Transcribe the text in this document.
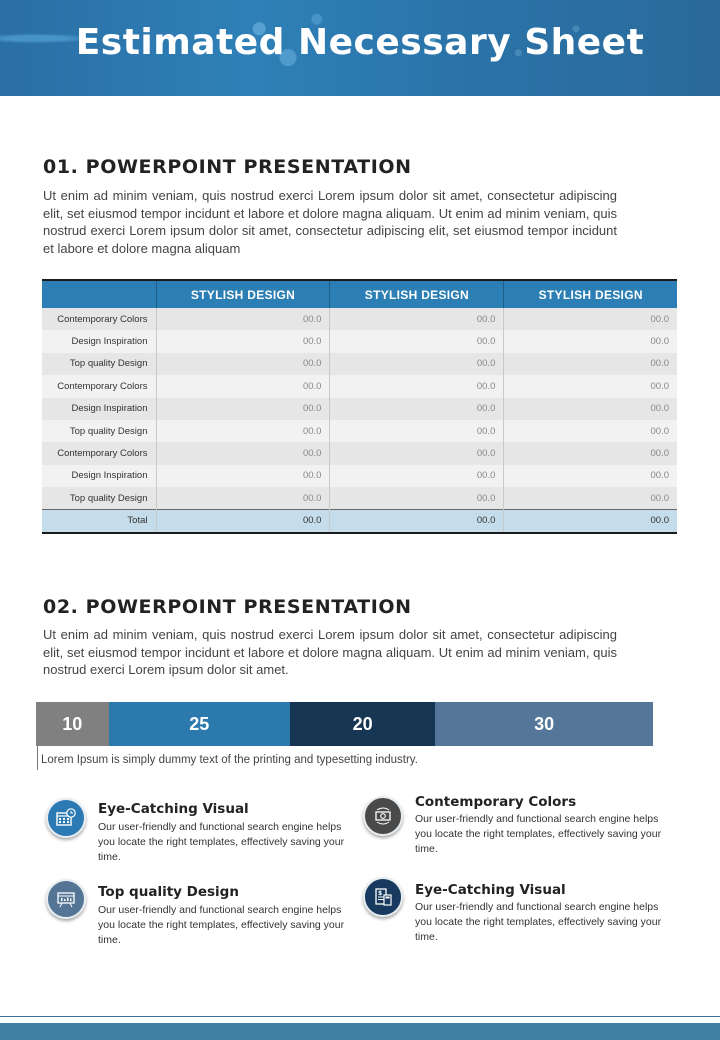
Estimated Necessary Sheet
01. POWERPOINT PRESENTATION
Ut enim ad minim veniam, quis nostrud exerci Lorem ipsum dolor sit amet, consectetur adipiscing elit, set eiusmod tempor incidunt et labore et dolore magna aliquam. Ut enim ad minim veniam, quis nostrud exerci Lorem ipsum dolor sit amet, consectetur adipiscing elit, set eiusmod tempor incidunt et labore et dolore magna aliquam
	STYLISH DESIGN	STYLISH DESIGN	STYLISH DESIGN
Contemporary Colors	00.0	00.0	00.0
Design Inspiration	00.0	00.0	00.0
Top quality Design	00.0	00.0	00.0
Contemporary Colors	00.0	00.0	00.0
Design Inspiration	00.0	00.0	00.0
Top quality Design	00.0	00.0	00.0
Contemporary Colors	00.0	00.0	00.0
Design Inspiration	00.0	00.0	00.0
Top quality Design	00.0	00.0	00.0
Total	00.0	00.0	00.0
02. POWERPOINT PRESENTATION
Ut enim ad minim veniam, quis nostrud exerci Lorem ipsum dolor sit amet, consectetur adipiscing elit, set eiusmod tempor incidunt et labore et dolore magna aliquam. Ut enim ad minim veniam, quis nostrud exerci Lorem ipsum dolor sit amet.
10	25	20	30
Lorem Ipsum is simply dummy text of the printing and typesetting industry.
Eye-Catching Visual
Our user-friendly and functional search engine helps you locate the right templates, effectively saving your time.
Contemporary Colors
Our user-friendly and functional search engine helps you locate the right templates, effectively saving your time.
Top quality Design
Our user-friendly and functional search engine helps you locate the right templates, effectively saving your time.
$ Eye-Catching Visual
Our user-friendly and functional search engine helps you locate the right templates, effectively saving your time.
